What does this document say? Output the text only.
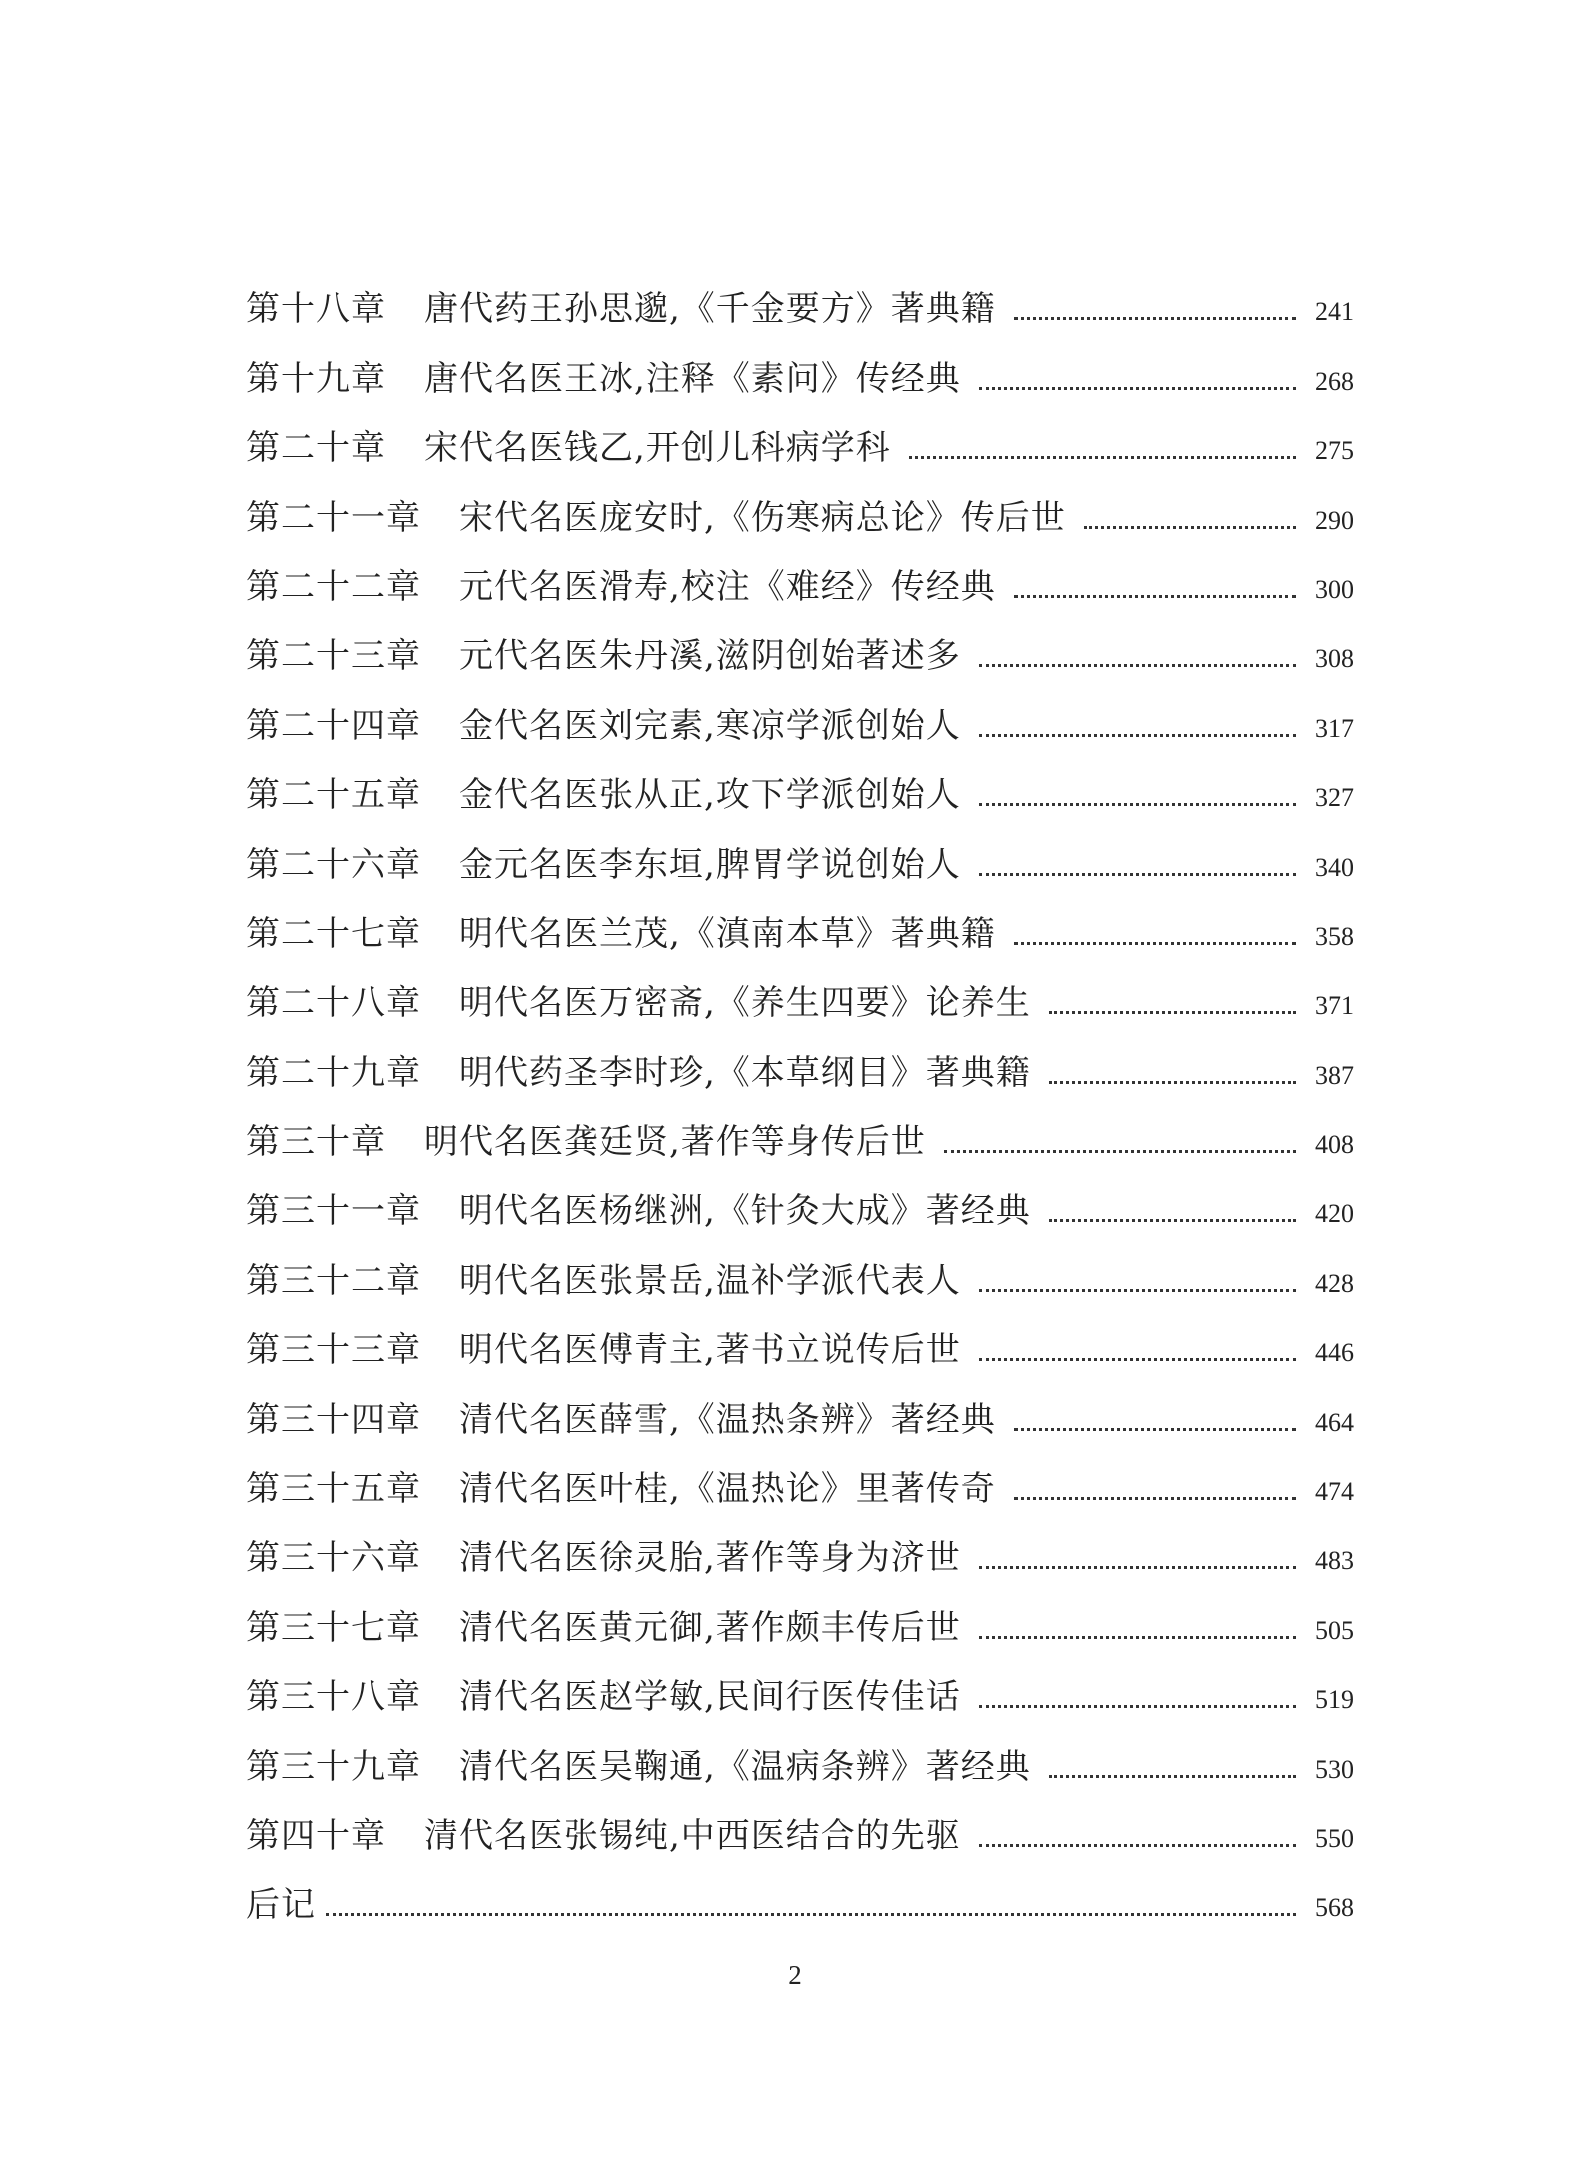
第十八章 唐代药王孙思邈,《千金要方》著典籍	241
第十九章 唐代名医王冰,注释《素问》传经典	268
第二十章 宋代名医钱乙,开创儿科病学科	275
第二十一章 宋代名医庞安时,《伤寒病总论》传后世	290
第二十二章 元代名医滑寿,校注《难经》传经典	300
第二十三章 元代名医朱丹溪,滋阴创始著述多	308
第二十四章 金代名医刘完素,寒凉学派创始人	317
第二十五章 金代名医张从正,攻下学派创始人	327
第二十六章 金元名医李东垣,脾胃学说创始人	340
第二十七章 明代名医兰茂,《滇南本草》著典籍	358
第二十八章 明代名医万密斋,《养生四要》论养生	371
第二十九章 明代药圣李时珍,《本草纲目》著典籍	387
第三十章 明代名医龚廷贤,著作等身传后世	408
第三十一章 明代名医杨继洲,《针灸大成》著经典	420
第三十二章 明代名医张景岳,温补学派代表人	428
第三十三章 明代名医傅青主,著书立说传后世	446
第三十四章 清代名医薛雪,《温热条辨》著经典	464
第三十五章 清代名医叶桂,《温热论》里著传奇	474
第三十六章 清代名医徐灵胎,著作等身为济世	483
第三十七章 清代名医黄元御,著作颇丰传后世	505
第三十八章 清代名医赵学敏,民间行医传佳话	519
第三十九章 清代名医吴鞠通,《温病条辨》著经典	530
第四十章 清代名医张锡纯,中西医结合的先驱	550
后记	568
2
